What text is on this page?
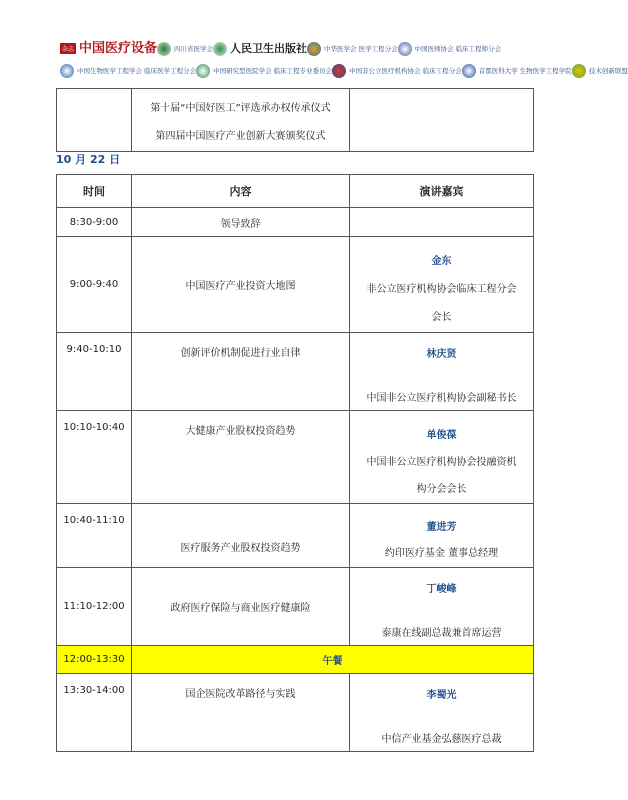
杂志 中国医疗设备	四川省医学会 人民卫生出版社	中华医学会 医学工程分会	中国医师协会 临床工程师分会
中国生物医学工程学会 临床医学工程分会	中国研究型医院学会 临床工程专业委员会	中国非公立医疗机构协会 临床工程分会	首都医科大学 生物医学工程学院	技术创新联盟

第十届“中国好医工”评选承办权传承仪式
第四届中国医疗产业创新大赛颁奖仪式

10 月 22 日
时间	内容	演讲嘉宾
8:30-9:00	领导致辞	
9:00-9:40	中国医疗产业投资大地图	金东
非公立医疗机构协会临床工程分会
会长

9:40-10:10	创新评价机制促进行业自律	林庆贤

中国非公立医疗机构协会副秘书长

10:10-10:40	大健康产业股权投资趋势	单俊葆
中国非公立医疗机构协会投融资机
构分会会长

10:40-11:10	医疗服务产业股权投资趋势	董进芳
约印医疗基金 董事总经理

11:10-12:00	政府医疗保险与商业医疗健康险	丁峻峰

泰康在线副总裁兼首席运营

12:00-13:30	午餐	

13:30-14:00	国企医院改革路径与实践	李蜀光

中信产业基金弘慈医疗总裁
